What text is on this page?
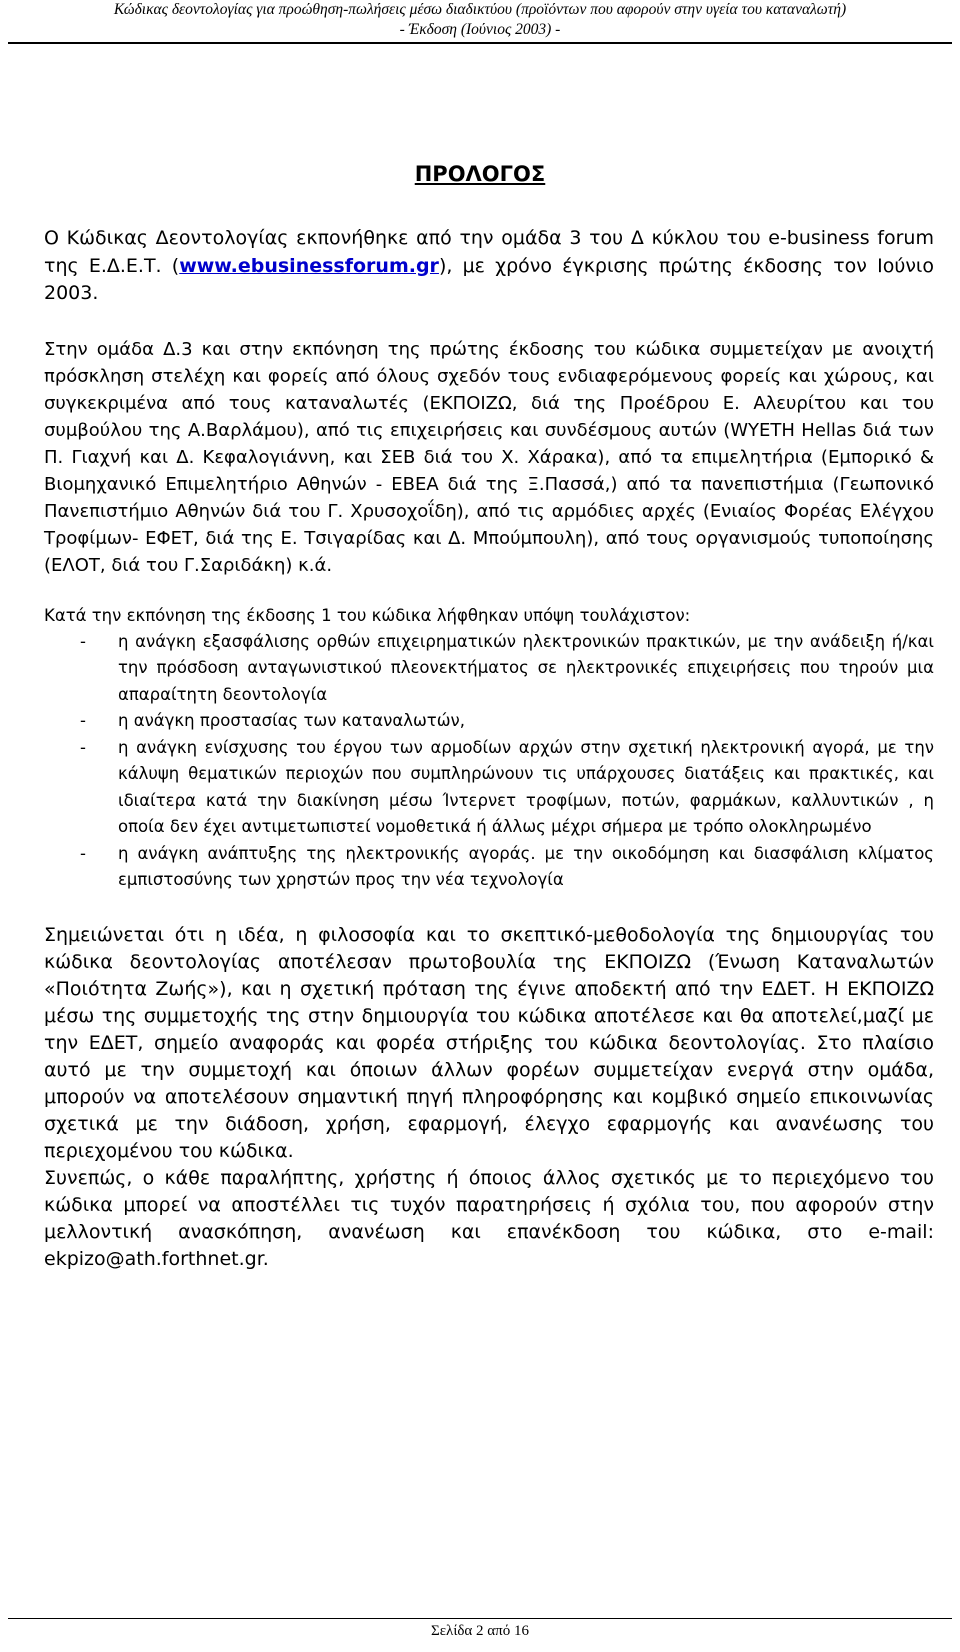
Κώδικας δεοντολογίας για προώθηση-πωλήσεις μέσω διαδικτύου (προϊόντων που αφορούν στην υγεία του καταναλωτή)
- Έκδοση (Ιούνιος 2003) -
ΠΡΟΛΟΓΟΣ

Ο Κώδικας Δεοντολογίας εκπονήθηκε από την ομάδα 3 του Δ κύκλου του e-business forum της Ε.Δ.Ε.Τ. (www.ebusinessforum.gr), με χρόνο έγκρισης πρώτης έκδοσης τον Ιούνιο 2003.

Στην ομάδα Δ.3 και στην εκπόνηση της πρώτης έκδοσης του κώδικα συμμετείχαν με ανοιχτή πρόσκληση στελέχη και φορείς από όλους σχεδόν τους ενδιαφερόμενους φορείς και χώρους, και συγκεκριμένα από τους καταναλωτές (ΕΚΠΟΙΖΩ, διά της Προέδρου Ε. Αλευρίτου και του συμβούλου της Α.Βαρλάμου), από τις επιχειρήσεις και συνδέσμους αυτών (WYETH Hellas διά των Π. Γιαχνή και Δ. Κεφαλογιάννη, και ΣΕΒ διά του Χ. Χάρακα), από τα επιμελητήρια (Εμπορικό & Βιομηχανικό Επιμελητήριο Αθηνών - ΕΒΕΑ διά της Ξ.Πασσά,) από τα πανεπιστήμια (Γεωπονικό Πανεπιστήμιο Αθηνών διά του Γ. Χρυσοχοΐδη), από τις αρμόδιες αρχές (Ενιαίος Φορέας Ελέγχου Τροφίμων- ΕΦΕΤ, διά της Ε. Τσιγαρίδας και Δ. Μπούμπουλη), από τους οργανισμούς τυποποίησης (ΕΛΟΤ, διά του Γ.Σαριδάκη) κ.ά.

Κατά την εκπόνηση της έκδοσης 1 του κώδικα λήφθηκαν υπόψη τουλάχιστον:

- η ανάγκη εξασφάλισης ορθών επιχειρηματικών ηλεκτρονικών πρακτικών, με την ανάδειξη ή/και την πρόσδοση ανταγωνιστικού πλεονεκτήματος σε ηλεκτρονικές επιχειρήσεις που τηρούν μια απαραίτητη δεοντολογία
- η ανάγκη προστασίας των καταναλωτών,
- η ανάγκη ενίσχυσης του έργου των αρμοδίων αρχών στην σχετική ηλεκτρονική αγορά, με την κάλυψη θεματικών περιοχών που συμπληρώνουν τις υπάρχουσες διατάξεις και πρακτικές, και ιδιαίτερα κατά την διακίνηση μέσω Ίντερνετ τροφίμων, ποτών, φαρμάκων, καλλυντικών , η οποία δεν έχει αντιμετωπιστεί νομοθετικά ή άλλως μέχρι σήμερα με τρόπο ολοκληρωμένο
- η ανάγκη ανάπτυξης της ηλεκτρονικής αγοράς. με την οικοδόμηση και διασφάλιση κλίματος εμπιστοσύνης των χρηστών προς την νέα τεχνολογία

Σημειώνεται ότι η ιδέα, η φιλοσοφία και το σκεπτικό-μεθοδολογία της δημιουργίας του κώδικα δεοντολογίας αποτέλεσαν πρωτοβουλία της ΕΚΠΟΙΖΩ (Ένωση Καταναλωτών «Ποιότητα Ζωής»), και η σχετική πρόταση της έγινε αποδεκτή από την ΕΔΕΤ. Η ΕΚΠΟΙΖΩ μέσω της συμμετοχής της στην δημιουργία του κώδικα αποτέλεσε και θα αποτελεί,μαζί με την ΕΔΕΤ, σημείο αναφοράς και φορέα στήριξης του κώδικα δεοντολογίας. Στο πλαίσιο αυτό με την συμμετοχή και όποιων άλλων φορέων συμμετείχαν ενεργά στην ομάδα, μπορούν να αποτελέσουν σημαντική πηγή πληροφόρησης και κομβικό σημείο επικοινωνίας σχετικά με την διάδοση, χρήση, εφαρμογή, έλεγχο εφαρμογής και ανανέωσης του περιεχομένου του κώδικα.

Συνεπώς, ο κάθε παραλήπτης, χρήστης ή όποιος άλλος σχετικός με το περιεχόμενο του κώδικα μπορεί να αποστέλλει τις τυχόν παρατηρήσεις ή σχόλια του, που αφορούν στην μελλοντική ανασκόπηση, ανανέωση και επανέκδοση του κώδικα, στο e-mail: ekpizo@ath.forthnet.gr.

Σελίδα 2 από 16
